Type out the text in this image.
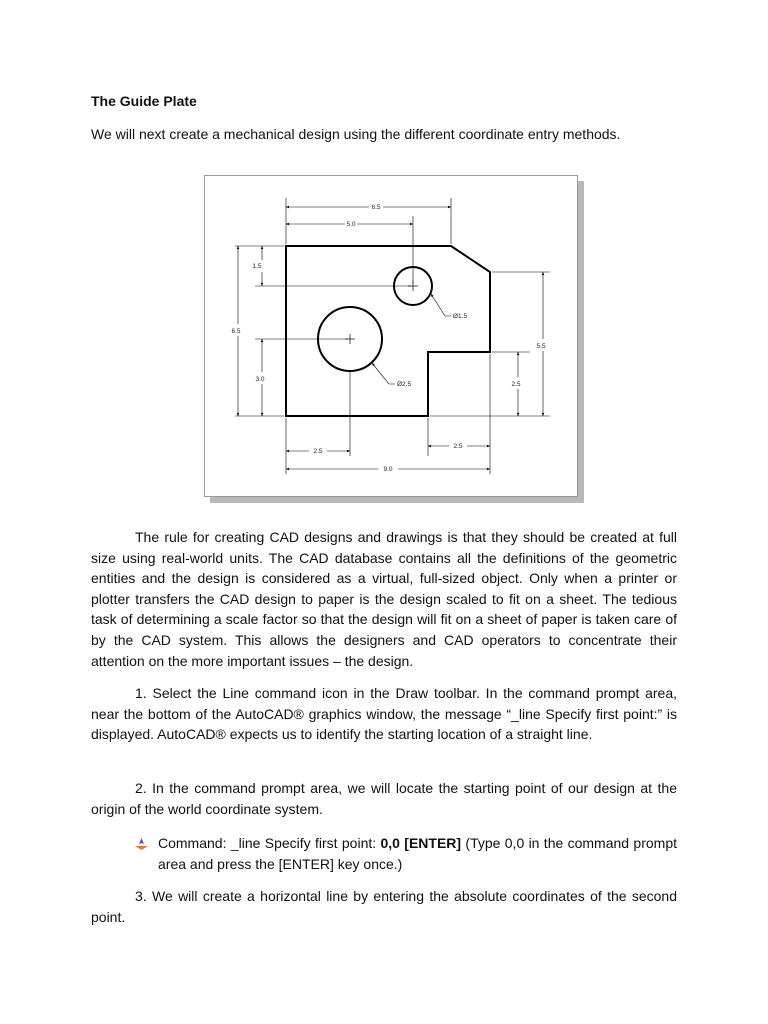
The Guide Plate

We will next create a mechanical design using the different coordinate entry methods.

6.5
5.0
1.5
6.5
3.0
5.5
2.5
2.5
2.5
9.0
Ø1.5
Ø2.5

The rule for creating CAD designs and drawings is that they should be created at full size using real-world units. The CAD database contains all the definitions of the geometric entities and the design is considered as a virtual, full-sized object. Only when a printer or plotter transfers the CAD design to paper is the design scaled to fit on a sheet. The tedious task of determining a scale factor so that the design will fit on a sheet of paper is taken care of by the CAD system. This allows the designers and CAD operators to concentrate their attention on the more important issues – the design.

1. Select the Line command icon in the Draw toolbar. In the command prompt area, near the bottom of the AutoCAD® graphics window, the message “_line Specify first point:” is displayed. AutoCAD® expects us to identify the starting location of a straight line.

2. In the command prompt area, we will locate the starting point of our design at the origin of the world coordinate system.

Command: _line Specify first point: 0,0 [ENTER] (Type 0,0 in the command prompt area and press the [ENTER] key once.)

3. We will create a horizontal line by entering the absolute coordinates of the second point.
